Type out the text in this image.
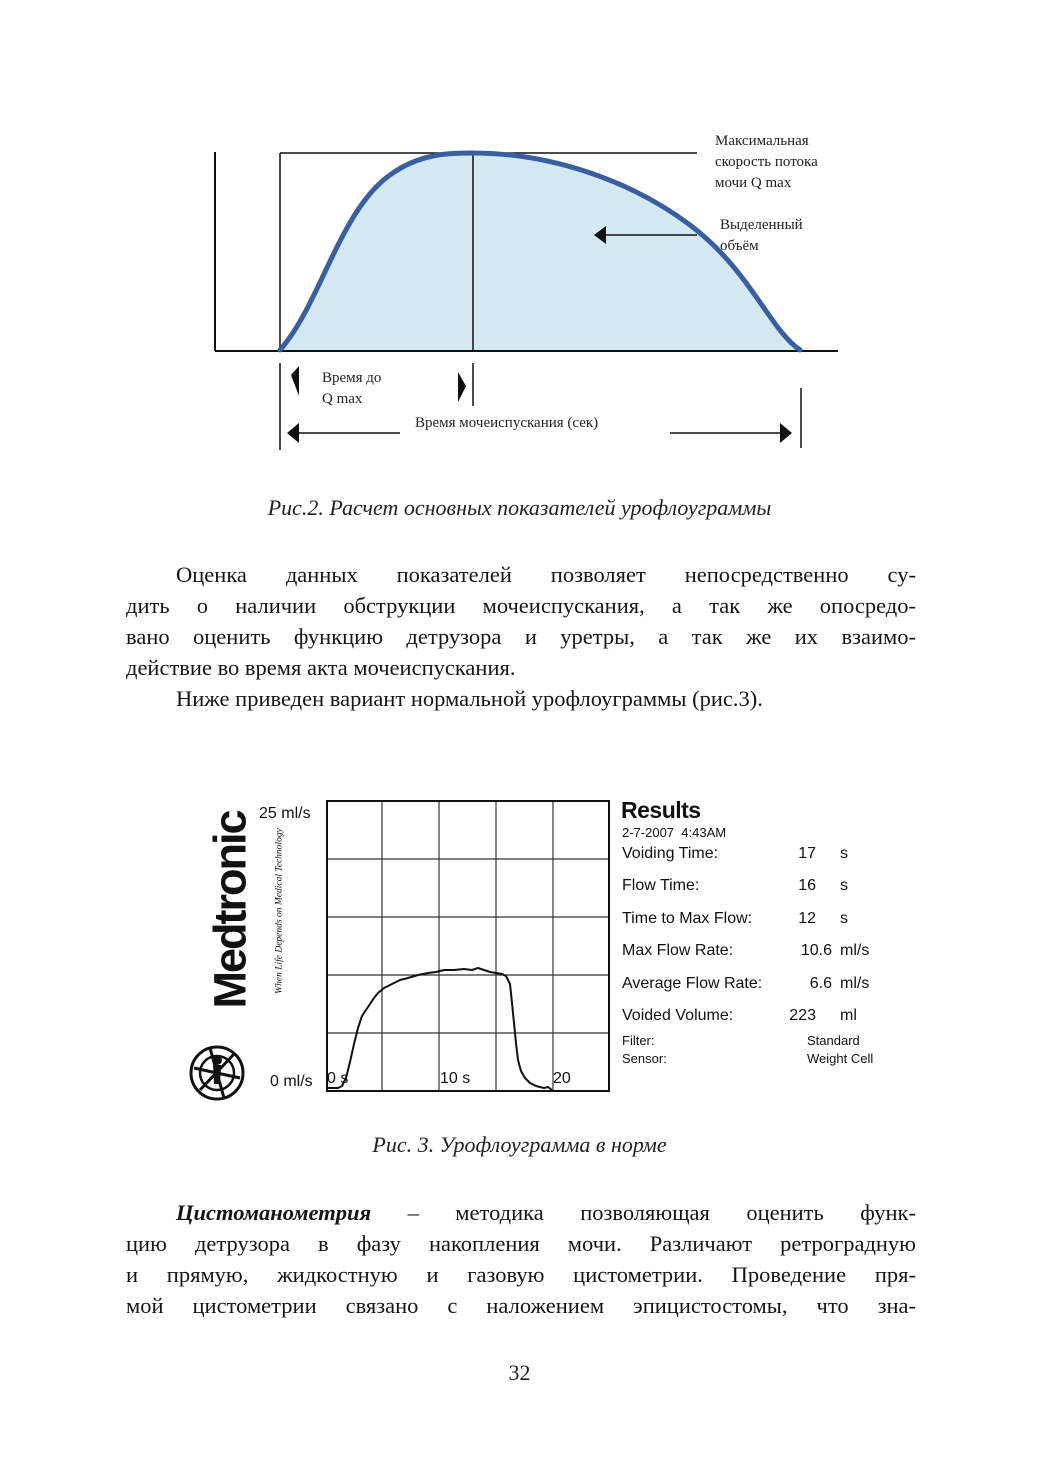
Максимальная
скорость потока
мочи Q max
Выделенный
объём
Время до
Q max
Время мочеиспускания (сек)
Рис.2. Расчет основных показателей урофлоуграммы
Оценка данных показателей позволяет непосредственно су-
дить о наличии обструкции мочеиспускания, а так же опосредо-
вано оценить функцию детрузора и уретры, а так же их взаимо-
действие во время акта мочеиспускания.
Ниже приведен вариант нормальной урофлоуграммы (рис.3).
Medtronic When Life Depends on Medical Technology
25 ml/s
0 ml/s 0 s	10 s	20
Results
2-7-2007  4:43AM
Voiding Time:	17 s
Flow Time:	16 s
Time to Max Flow:	12 s
Max Flow Rate:	10.6 ml/s
Average Flow Rate:	6.6 ml/s
Voided Volume:	223 ml
Filter:	Standard
Sensor:	Weight Cell
Рис. 3. Урофлоуграмма в норме
Цистоманометрия – методика позволяющая оценить функ-
цию детрузора в фазу накопления мочи. Различают ретроградную
и прямую, жидкостную и газовую цистометрии. Проведение пря-
мой цистометрии связано с наложением эпицистостомы, что зна-
32
